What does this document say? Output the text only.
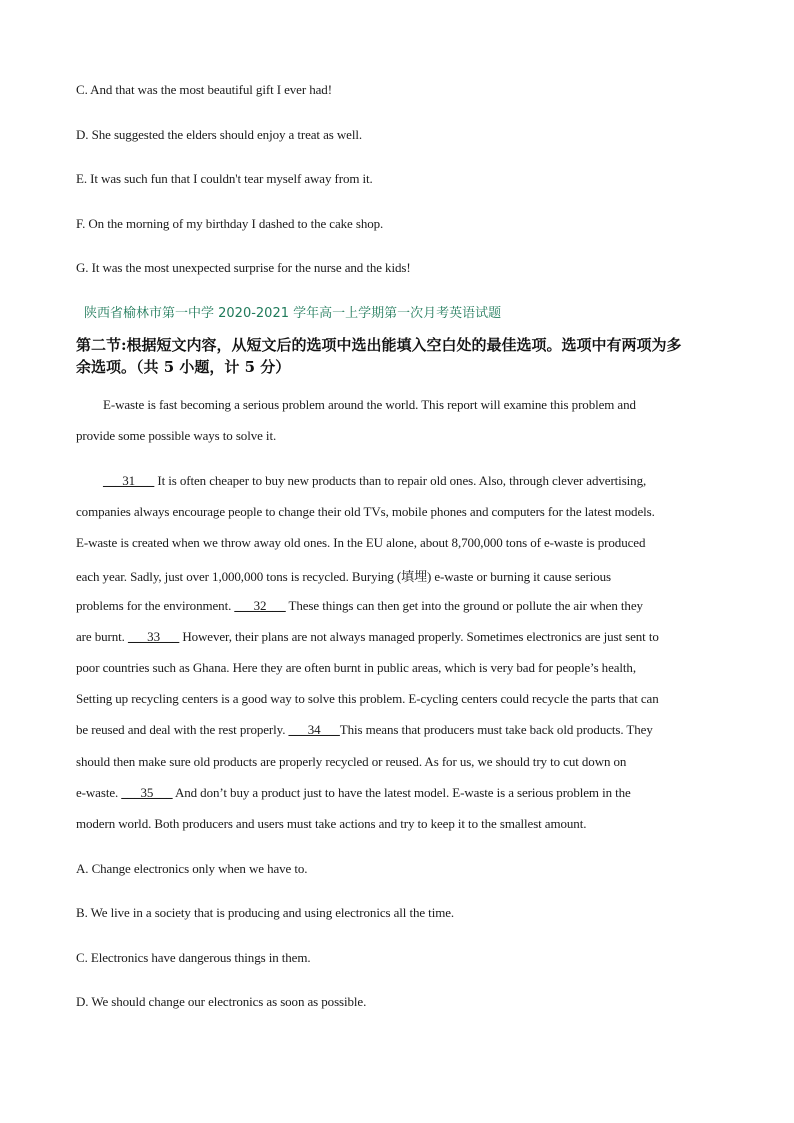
C. And that was the most beautiful gift I ever had!
D. She suggested the elders should enjoy a treat as well.
E. It was such fun that I couldn't tear myself away from it.
F. On the morning of my birthday I dashed to the cake shop.
G. It was the most unexpected surprise for the nurse and the kids!
陕西省榆林市第一中学 2020-2021 学年高一上学期第一次月考英语试题
第二节:根据短文内容，从短文后的选项中选出能填入空白处的最佳选项。选项中有两项为多
余选项。（共 5 小题，计 5 分）
E-waste is fast becoming a serious problem around the world. This report will examine this problem and
provide some possible ways to solve it.
___31___ It is often cheaper to buy new products than to repair old ones. Also, through clever advertising,
companies always encourage people to change their old TVs, mobile phones and computers for the latest models.
E-waste is created when we throw away old ones. In the EU alone, about 8,700,000 tons of e-waste is produced
each year. Sadly, just over 1,000,000 tons is recycled. Burying (填埋) e-waste or burning it cause serious
problems for the environment. ___32___ These things can then get into the ground or pollute the air when they
are burnt. ___33___ However, their plans are not always managed properly. Sometimes electronics are just sent to
poor countries such as Ghana. Here they are often burnt in public areas, which is very bad for people’s health,
Setting up recycling centers is a good way to solve this problem. E-cycling centers could recycle the parts that can
be reused and deal with the rest properly. ___34___This means that producers must take back old products. They
should then make sure old products are properly recycled or reused. As for us, we should try to cut down on
e-waste. ___35___ And don’t buy a product just to have the latest model. E-waste is a serious problem in the
modern world. Both producers and users must take actions and try to keep it to the smallest amount.
A. Change electronics only when we have to.
B. We live in a society that is producing and using electronics all the time.
C. Electronics have dangerous things in them.
D. We should change our electronics as soon as possible.
